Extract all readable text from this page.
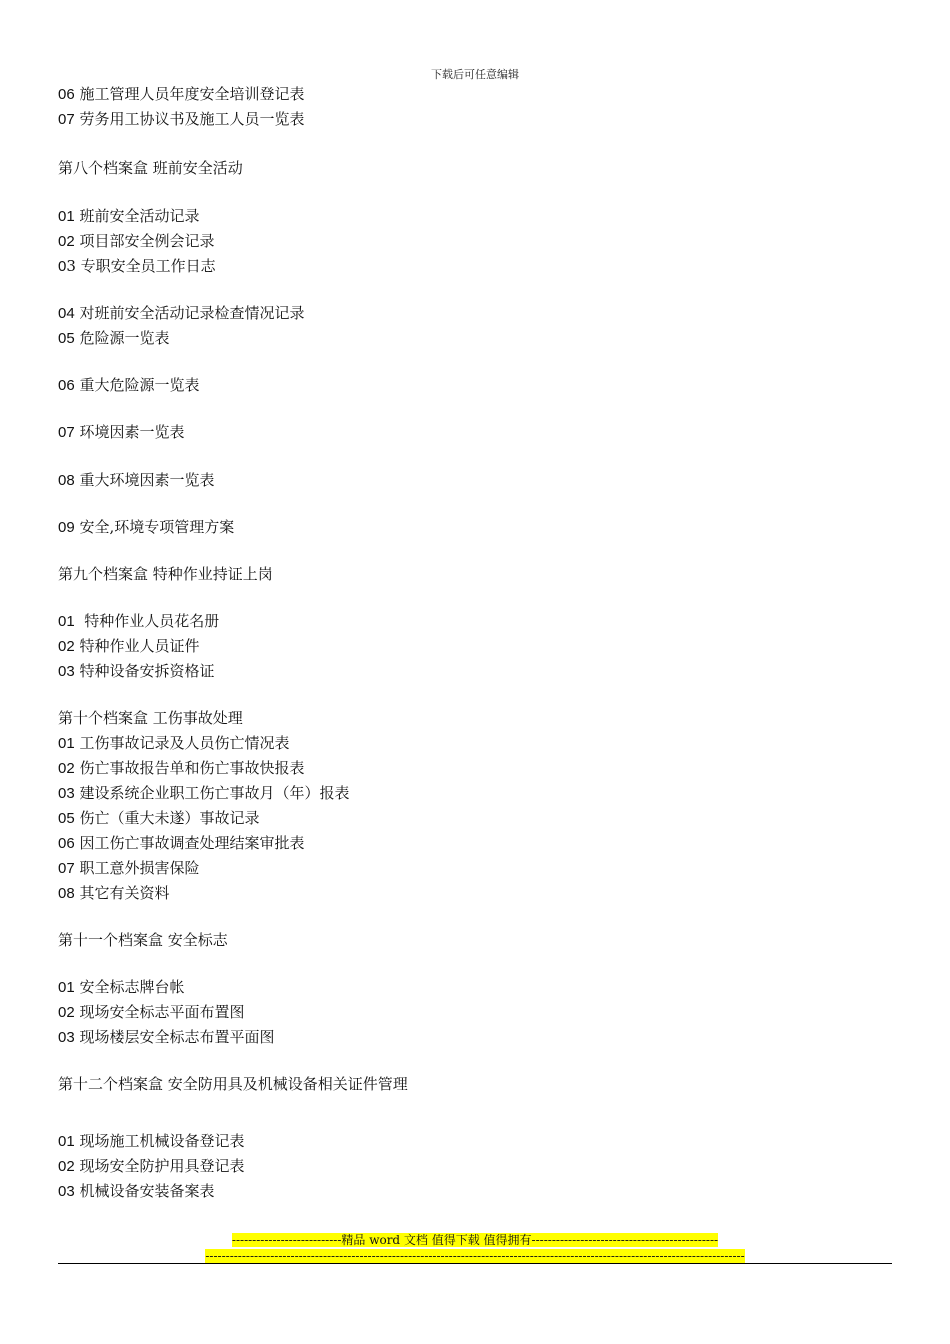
下载后可任意编辑
06 施工管理人员年度安全培训登记表
07 劳务用工协议书及施工人员一览表
第八个档案盒 班前安全活动
01 班前安全活动记录
02 项目部安全例会记录
03 专职安全员工作日志
04 对班前安全活动记录检查情况记录
05 危险源一览表
06 重大危险源一览表
07 环境因素一览表
08 重大环境因素一览表
09 安全,环境专项管理方案
第九个档案盒 特种作业持证上岗
01  特种作业人员花名册
02 特种作业人员证件
03 特种设备安拆资格证
第十个档案盒 工伤事故处理
01 工伤事故记录及人员伤亡情况表
02 伤亡事故报告单和伤亡事故快报表
03 建设系统企业职工伤亡事故月（年）报表
05 伤亡（重大未遂）事故记录
06 因工伤亡事故调查处理结案审批表
07 职工意外损害保险
08 其它有关资料
第十一个档案盒 安全标志
01 安全标志牌台帐
02 现场安全标志平面布置图
03 现场楼层安全标志布置平面图
第十二个档案盒 安全防用具及机械设备相关证件管理
01 现场施工机械设备登记表
02 现场安全防护用具登记表
03 机械设备安装备案表
---------------------------精品 word 文档 值得下载 值得拥有----------------------------------------------
-------------------------------------------------------------------------------------------------------------------------------------
